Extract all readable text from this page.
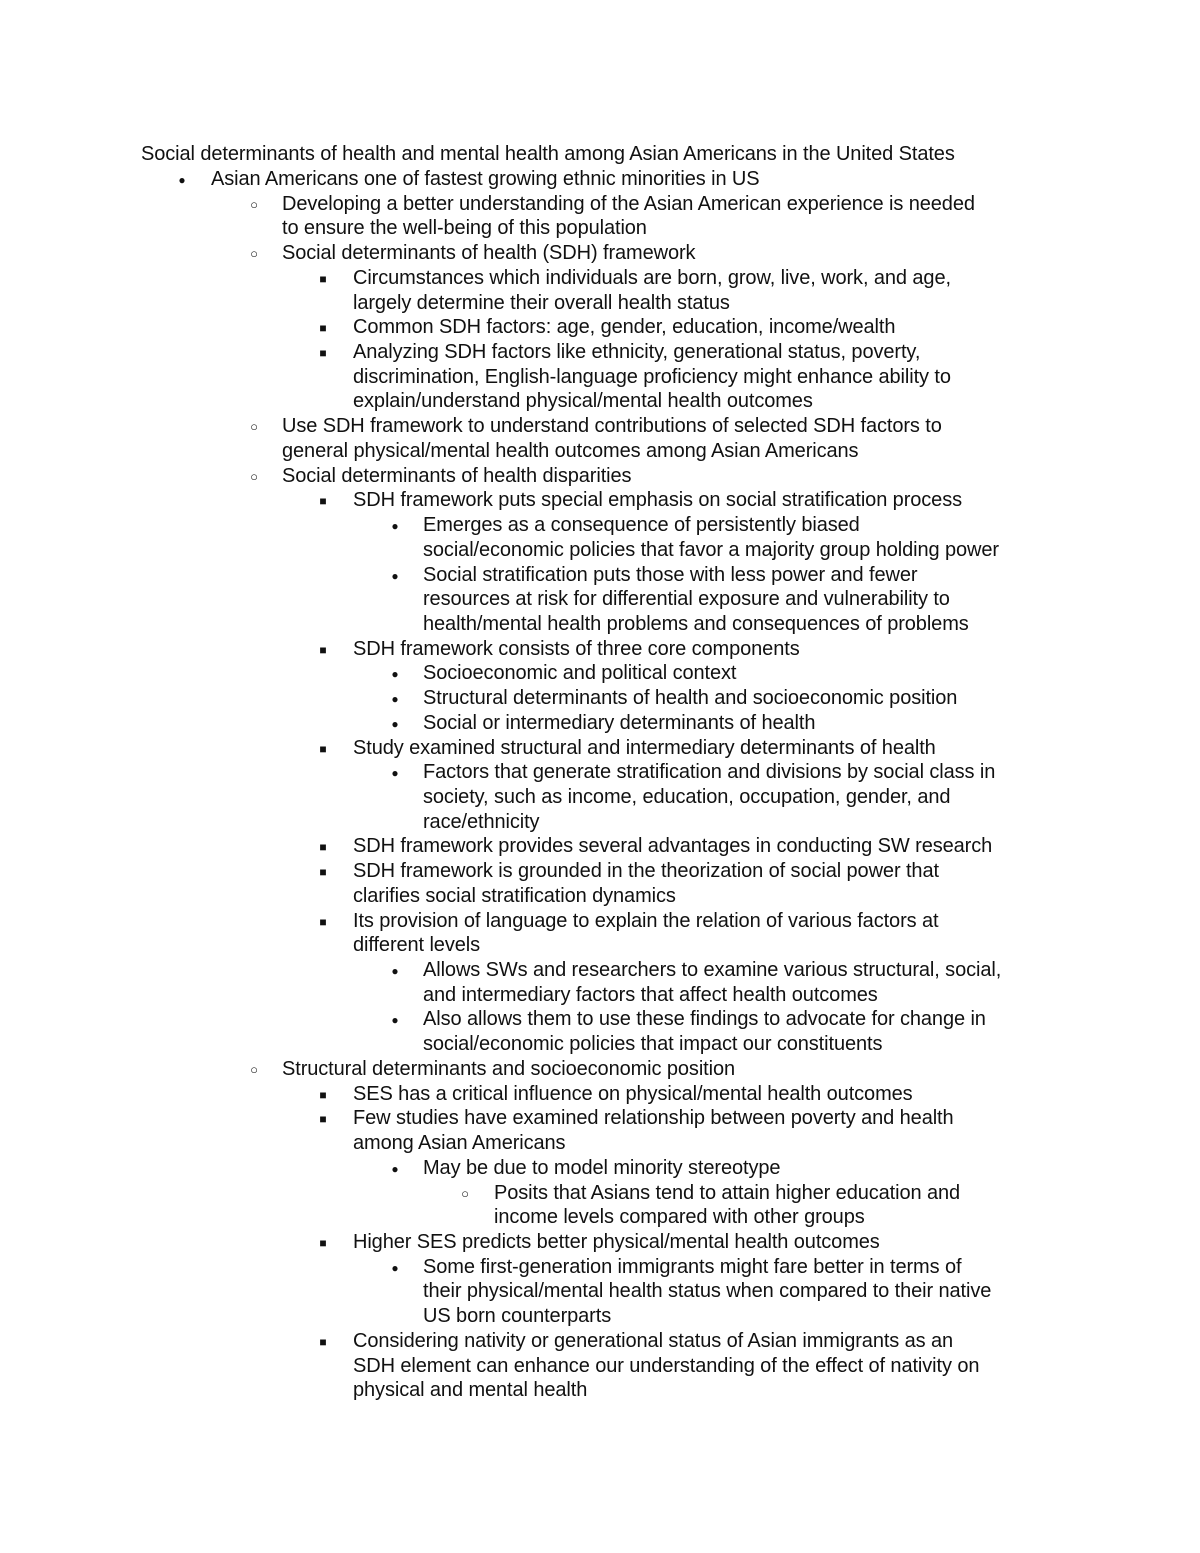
Social determinants of health and mental health among Asian Americans in the United States
●
Asian Americans one of fastest growing ethnic minorities in US
○
Developing a better understanding of the Asian American experience is needed
to ensure the well-being of this population
○
Social determinants of health (SDH) framework
■
Circumstances which individuals are born, grow, live, work, and age,
largely determine their overall health status
■
Common SDH factors: age, gender, education, income/wealth
■
Analyzing SDH factors like ethnicity, generational status, poverty,
discrimination, English-language proficiency might enhance ability to
explain/understand physical/mental health outcomes
○
Use SDH framework to understand contributions of selected SDH factors to
general physical/mental health outcomes among Asian Americans
○
Social determinants of health disparities
■
SDH framework puts special emphasis on social stratification process
●
Emerges as a consequence of persistently biased
social/economic policies that favor a majority group holding power
●
Social stratification puts those with less power and fewer
resources at risk for differential exposure and vulnerability to
health/mental health problems and consequences of problems
■
SDH framework consists of three core components
●
Socioeconomic and political context
●
Structural determinants of health and socioeconomic position
●
Social or intermediary determinants of health
■
Study examined structural and intermediary determinants of health
●
Factors that generate stratification and divisions by social class in
society, such as income, education, occupation, gender, and
race/ethnicity
■
SDH framework provides several advantages in conducting SW research
■
SDH framework is grounded in the theorization of social power that
clarifies social stratification dynamics
■
Its provision of language to explain the relation of various factors at
different levels
●
Allows SWs and researchers to examine various structural, social,
and intermediary factors that affect health outcomes
●
Also allows them to use these findings to advocate for change in
social/economic policies that impact our constituents
○
Structural determinants and socioeconomic position
■
SES has a critical influence on physical/mental health outcomes
■
Few studies have examined relationship between poverty and health
among Asian Americans
●
May be due to model minority stereotype
○
Posits that Asians tend to attain higher education and
income levels compared with other groups
■
Higher SES predicts better physical/mental health outcomes
●
Some first-generation immigrants might fare better in terms of
their physical/mental health status when compared to their native
US born counterparts
■
Considering nativity or generational status of Asian immigrants as an
SDH element can enhance our understanding of the effect of nativity on
physical and mental health
